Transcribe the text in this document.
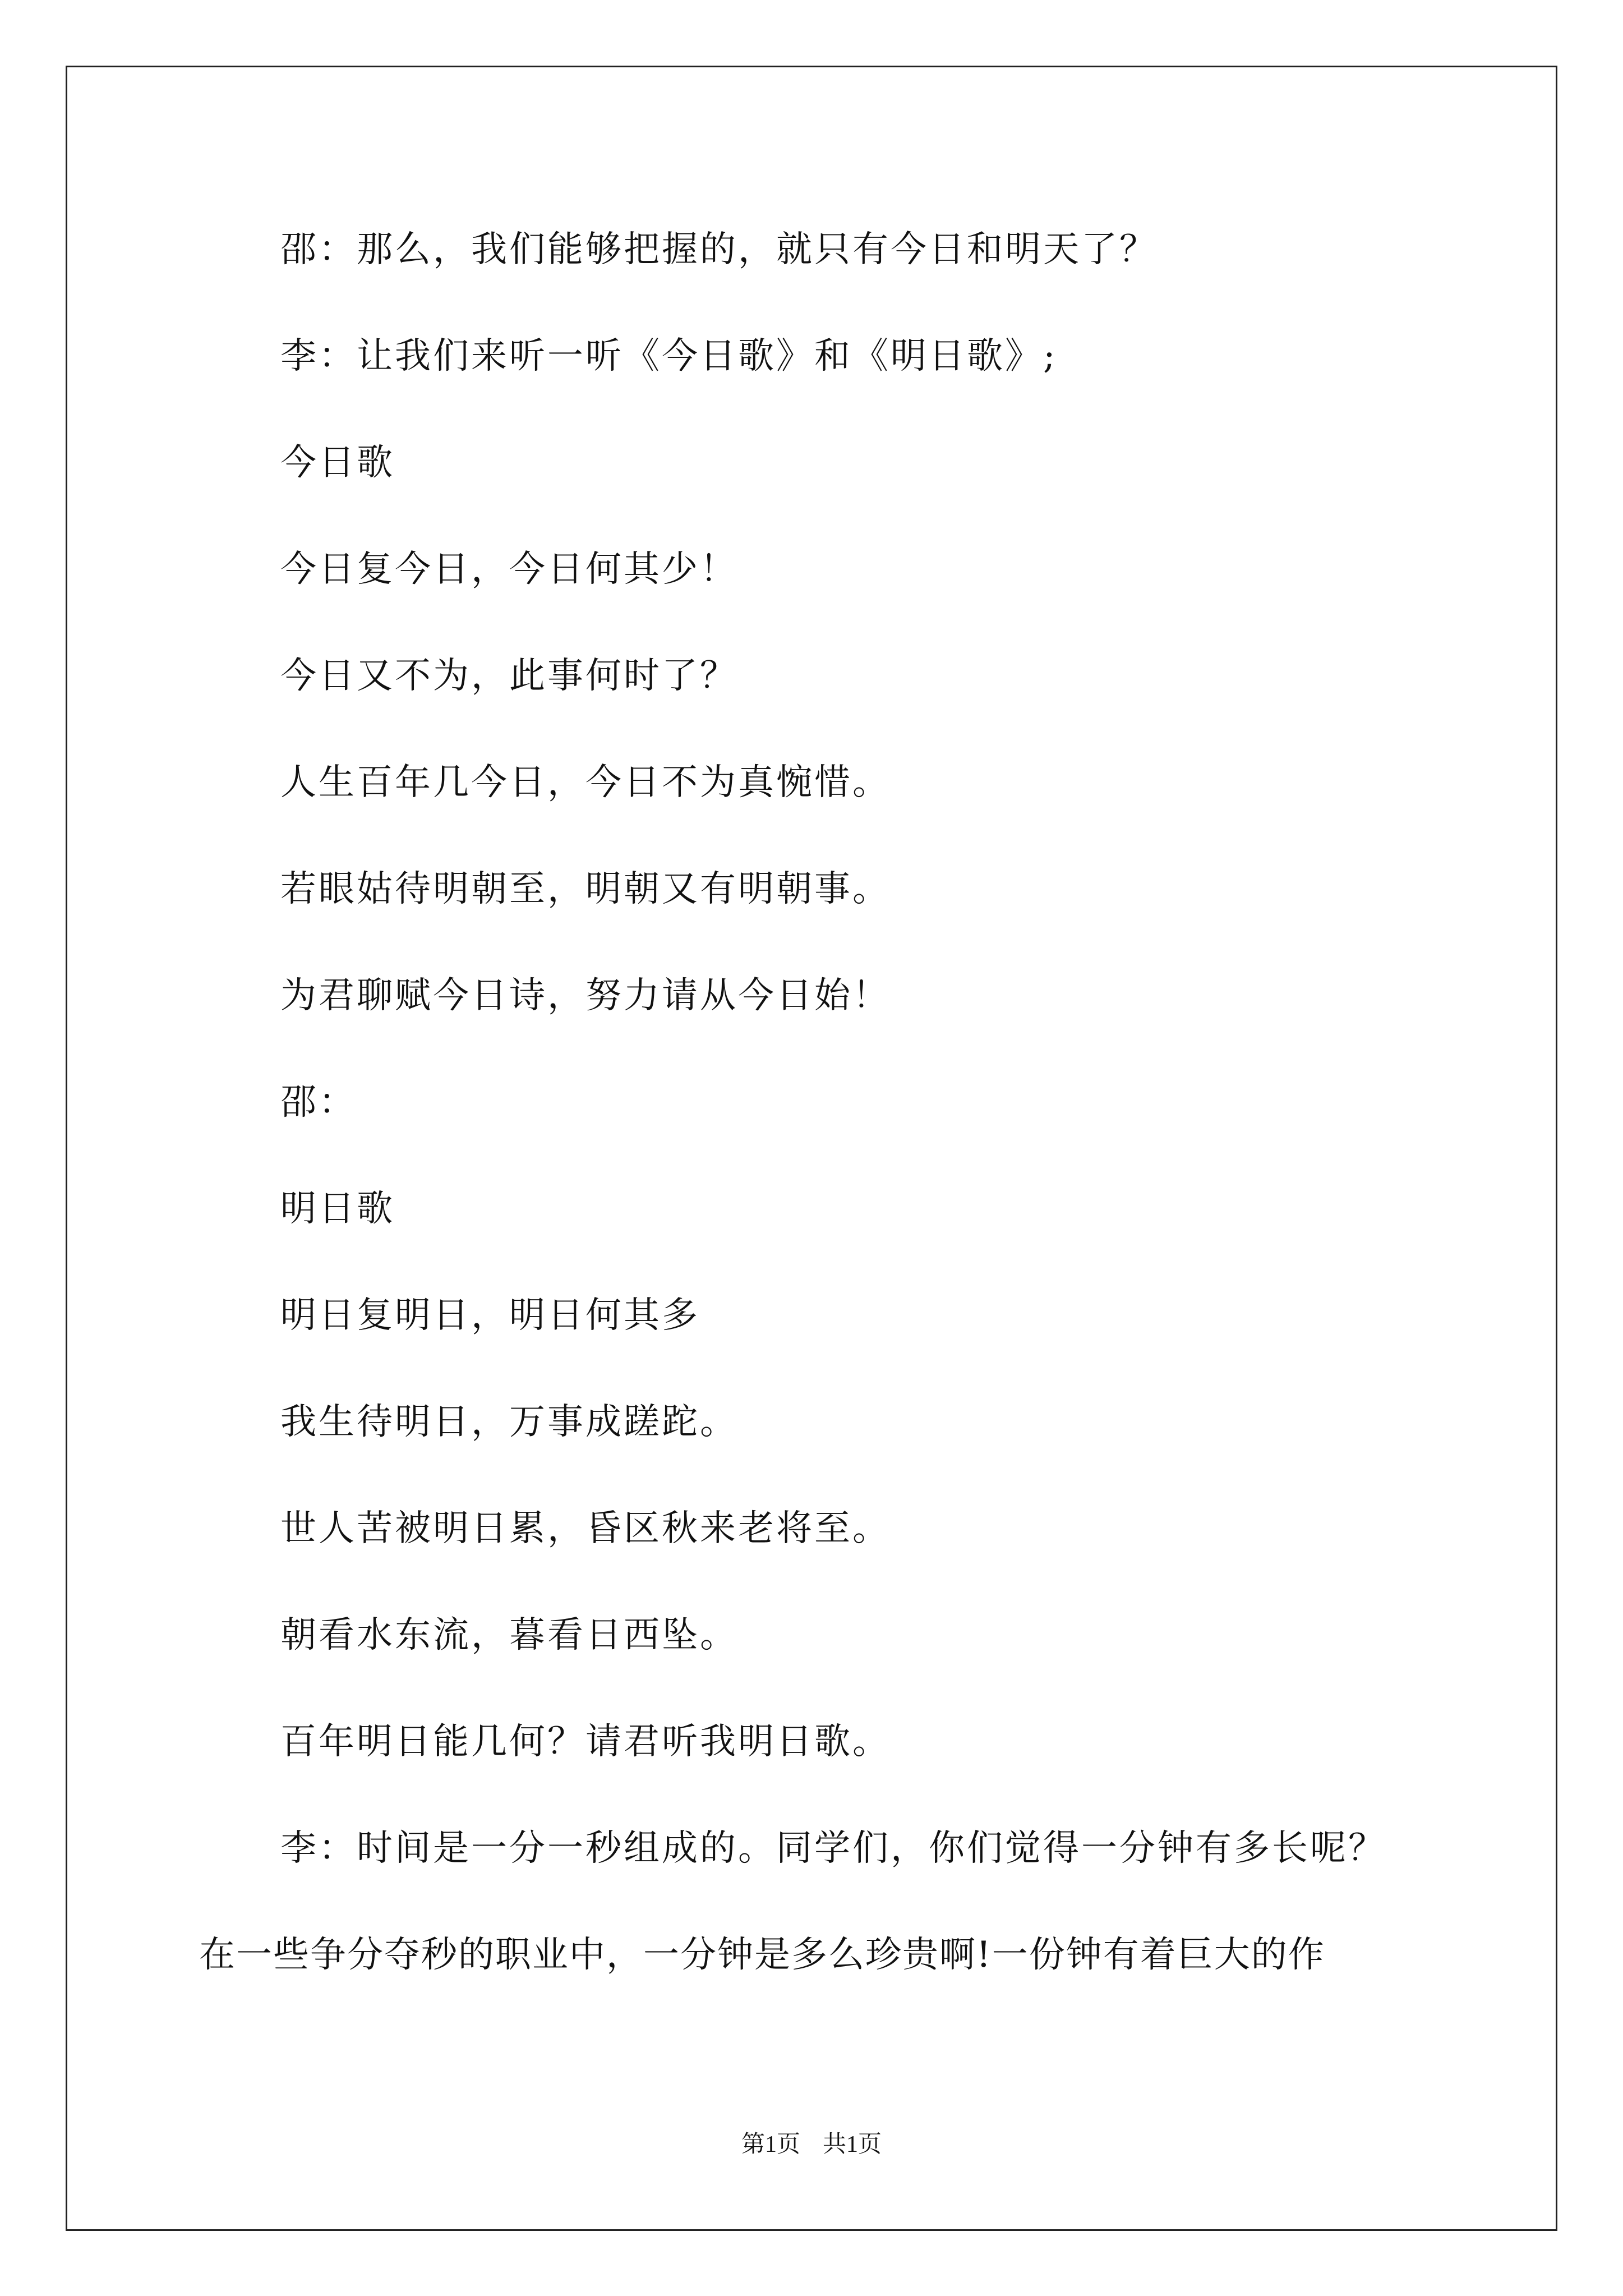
邵：那么，我们能够把握的，就只有今日和明天了？
李：让我们来听一听《今日歌》和《明日歌》;
今日歌
今日复今日，今日何其少！
今日又不为，此事何时了？
人生百年几今日，今日不为真惋惜。
若眼姑待明朝至，明朝又有明朝事。
为君聊赋今日诗，努力请从今日始！
邵：
明日歌
明日复明日，明日何其多
我生待明日，万事成蹉跎。
世人苦被明日累，昏区秋来老将至。
朝看水东流，暮看日西坠。
百年明日能几何？请君听我明日歌。
李：时间是一分一秒组成的。同学们，你们觉得一分钟有多长呢？
在一些争分夺秒的职业中，一分钟是多么珍贵啊!一份钟有着巨大的作
第1页 共1页
